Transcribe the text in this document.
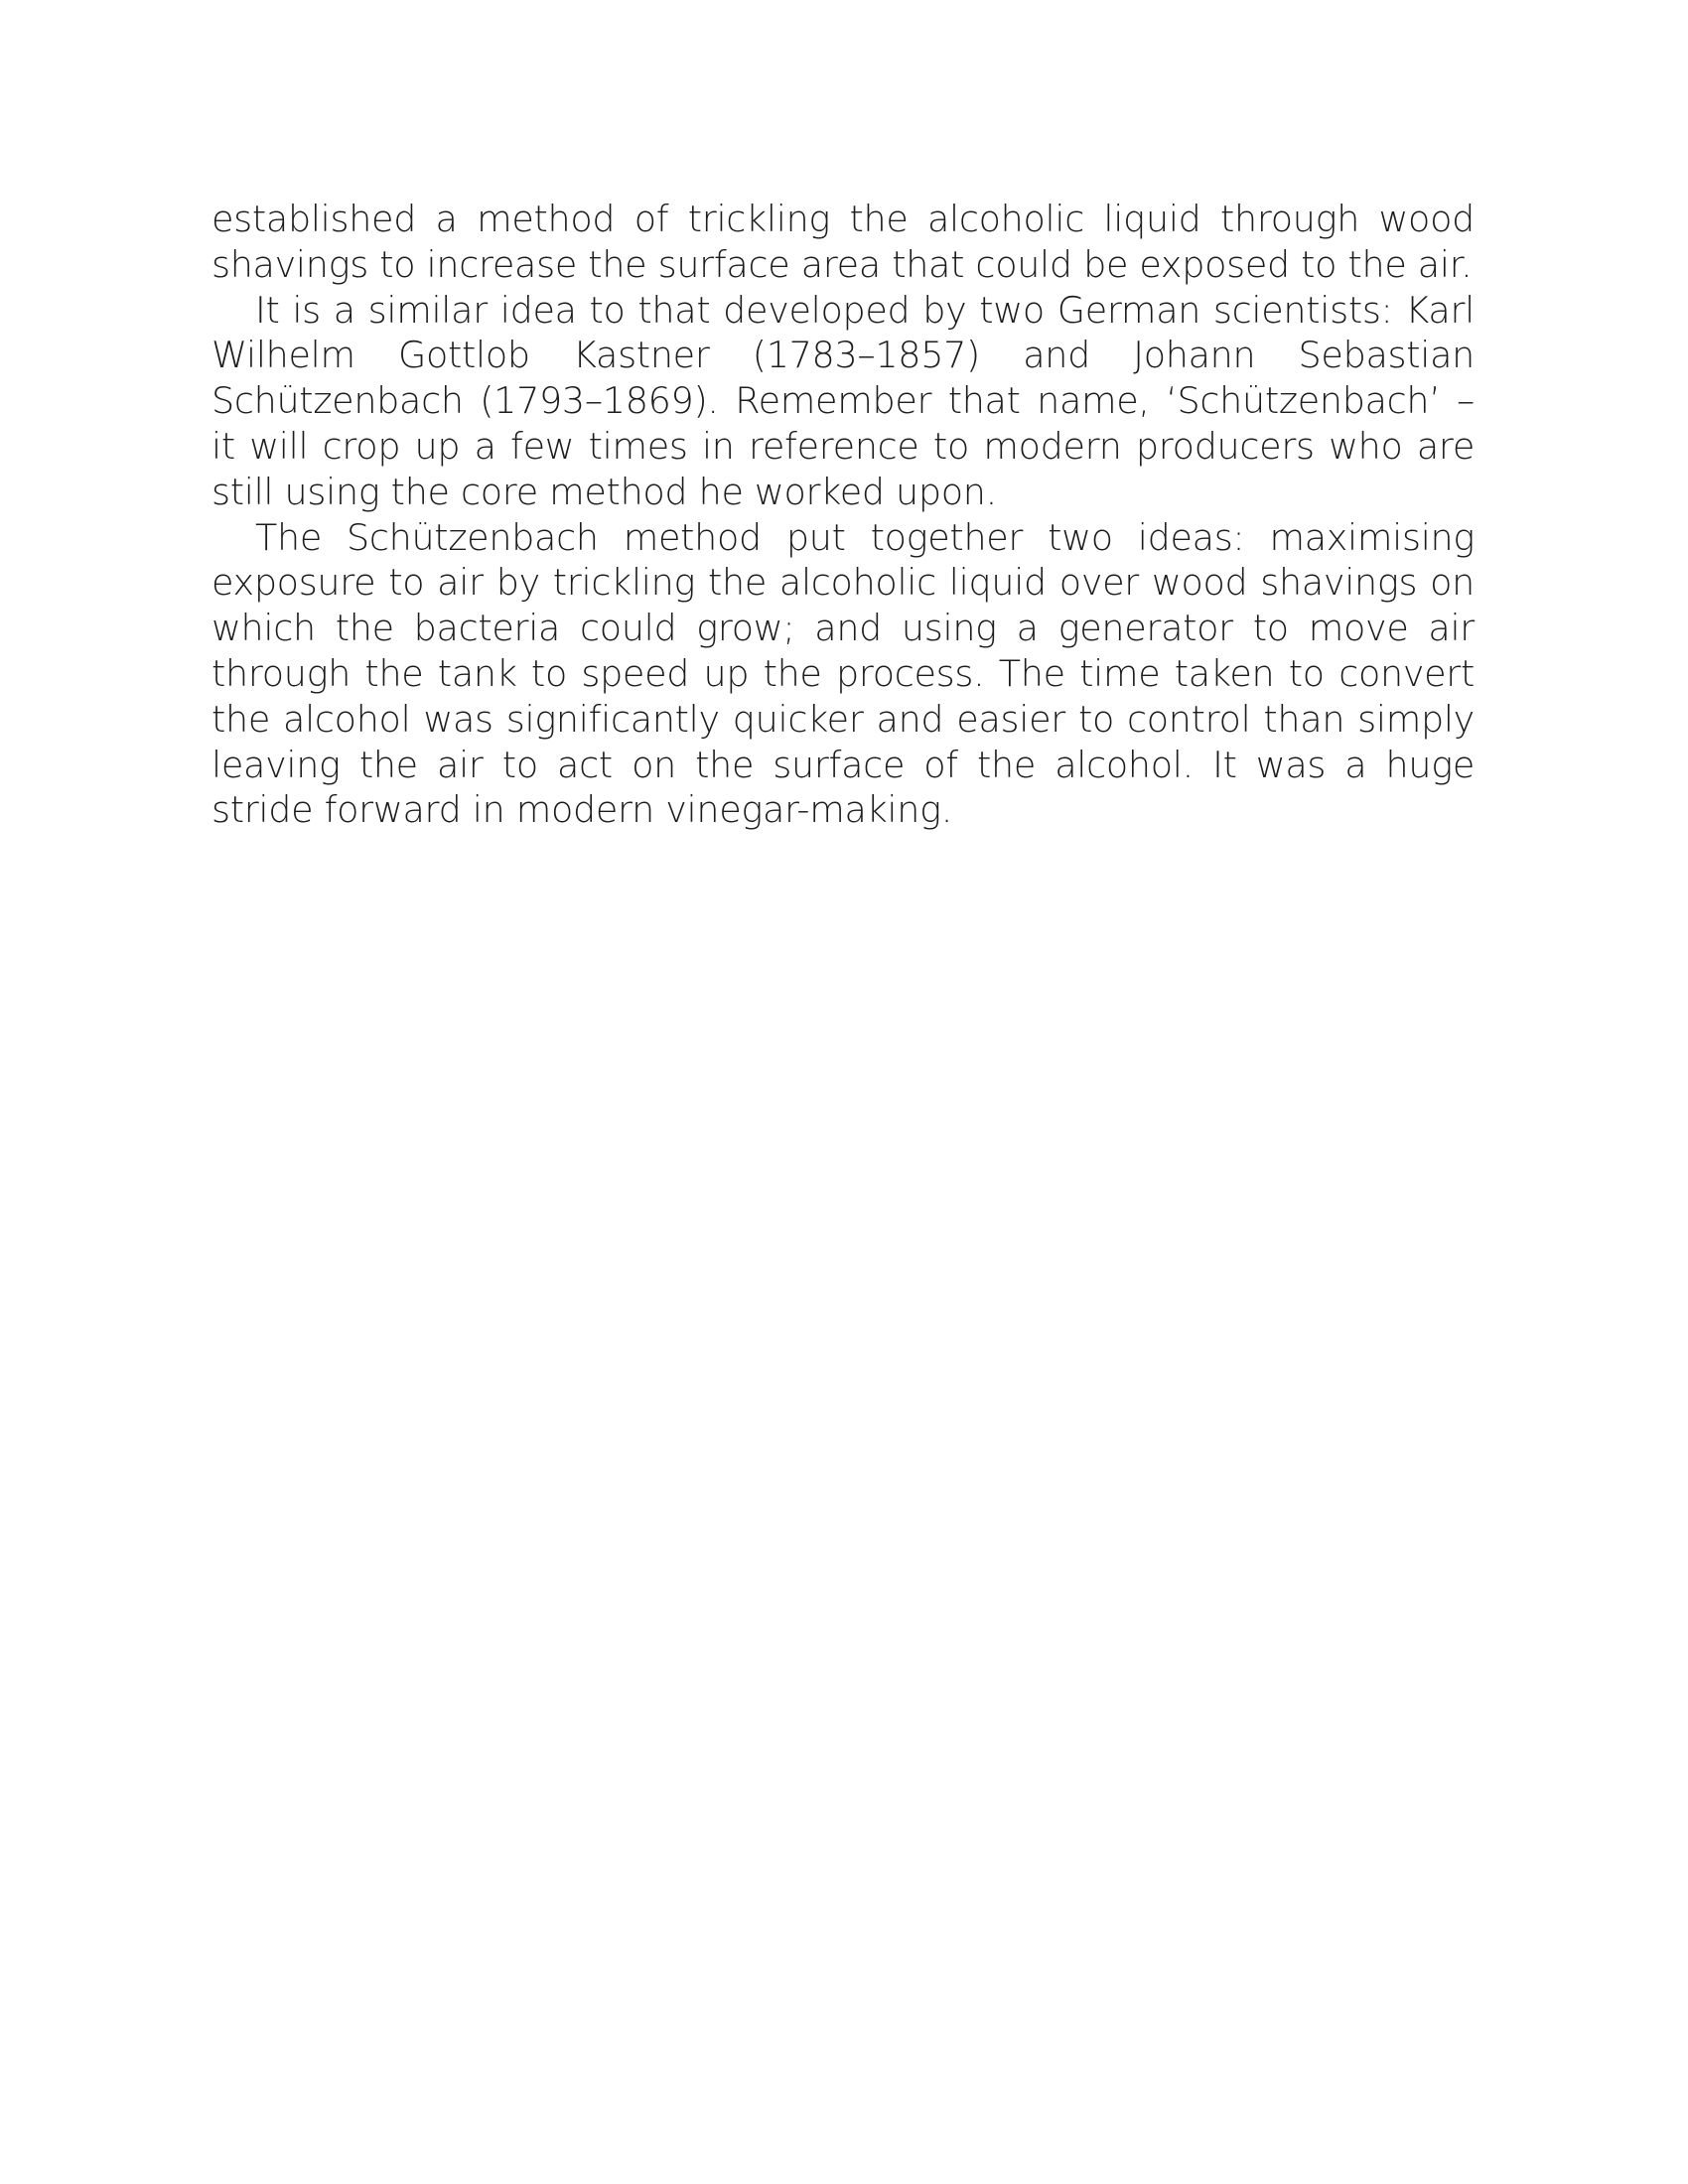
established a method of trickling the alcoholic liquid through wood shavings to increase the surface area that could be exposed to the air.

It is a similar idea to that developed by two German scientists: Karl Wilhelm Gottlob Kastner (1783–1857) and Johann Sebastian Schützenbach (1793–1869). Remember that name, ‘Schützenbach’ – it will crop up a few times in reference to modern producers who are still using the core method he worked upon.

The Schützenbach method put together two ideas: maximising exposure to air by trickling the alcoholic liquid over wood shavings on which the bacteria could grow; and using a generator to move air through the tank to speed up the process. The time taken to convert the alcohol was significantly quicker and easier to control than simply leaving the air to act on the surface of the alcohol. It was a huge stride forward in modern vinegar-making.
